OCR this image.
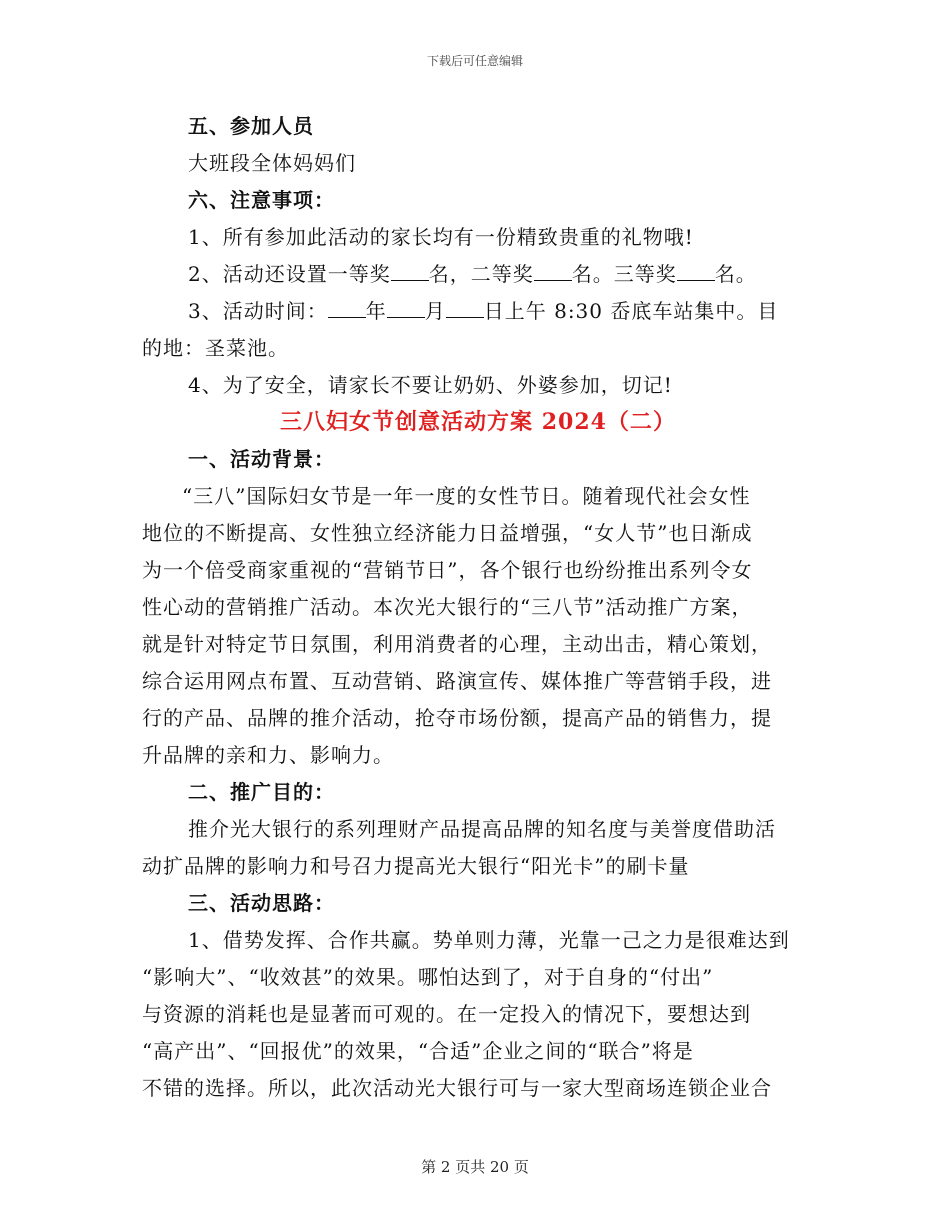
下载后可任意编辑
五、参加人员
大班段全体妈妈们
六、注意事项：
1、所有参加此活动的家长均有一份精致贵重的礼物哦!
2、活动还设置一等奖 名，二等奖 名。三等奖 名。
3、活动时间： 年 月 日上午 8:30 岙底车站集中。目
的地：圣菜池。
4、为了安全，请家长不要让奶奶、外婆参加，切记!
三八妇女节创意活动方案 2024（二）
一、活动背景：
“三八”国际妇女节是一年一度的女性节日。随着现代社会女性
地位的不断提高、女性独立经济能力日益增强，“女人节”也日渐成
为一个倍受商家重视的“营销节日”，各个银行也纷纷推出系列令女
性心动的营销推广活动。本次光大银行的“三八节”活动推广方案，
就是针对特定节日氛围，利用消费者的心理，主动出击，精心策划，
综合运用网点布置、互动营销、路演宣传、媒体推广等营销手段，进
行的产品、品牌的推介活动，抢夺市场份额，提高产品的销售力，提
升品牌的亲和力、影响力。
二、推广目的：
推介光大银行的系列理财产品提高品牌的知名度与美誉度借助活
动扩品牌的影响力和号召力提高光大银行“阳光卡”的刷卡量
三、活动思路：
1、借势发挥、合作共赢。势单则力薄，光靠一己之力是很难达到
“影响大”、“收效甚”的效果。哪怕达到了，对于自身的“付出”
与资源的消耗也是显著而可观的。在一定投入的情况下，要想达到
“高产出”、“回报优”的效果，“合适”企业之间的“联合”将是
不错的选择。所以，此次活动光大银行可与一家大型商场连锁企业合
第 2 页共 20 页
